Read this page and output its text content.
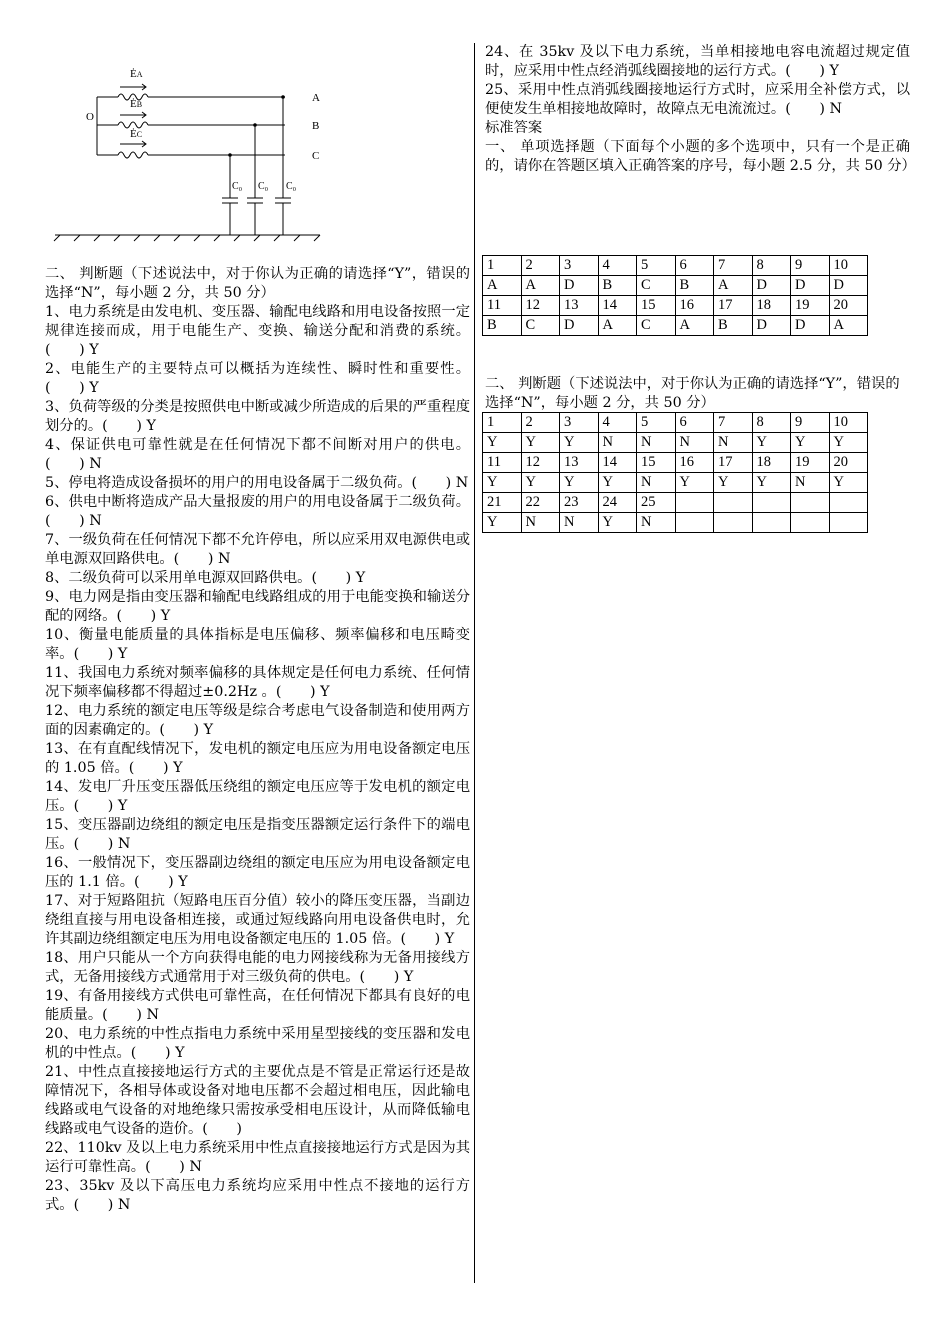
ĖA
ĖB
ĖC
O
A
B
C
C₀ C₀ C₀

二、 判断题（下述说法中，对于你认为正确的请选择“Y”，错误的选择“N”，每小题 2 分，共 50 分）

1、电力系统是由发电机、变压器、输配电线路和用电设备按照一定规律连接而成，用于电能生产、变换、输送分配和消费的系统。(　　) Y

2、电能生产的主要特点可以概括为连续性、瞬时性和重要性。(　　) Y

3、负荷等级的分类是按照供电中断或减少所造成的后果的严重程度划分的。(　　) Y

4、保证供电可靠性就是在任何情况下都不间断对用户的供电。(　　) N

5、停电将造成设备损坏的用户的用电设备属于二级负荷。(　　) N

6、供电中断将造成产品大量报废的用户的用电设备属于二级负荷。(　　) N

7、一级负荷在任何情况下都不允许停电，所以应采用双电源供电或单电源双回路供电。(　　) N

8、二级负荷可以采用单电源双回路供电。(　　) Y

9、电力网是指由变压器和输配电线路组成的用于电能变换和输送分配的网络。(　　) Y

10、衡量电能质量的具体指标是电压偏移、频率偏移和电压畸变率。(　　) Y

11、我国电力系统对频率偏移的具体规定是任何电力系统、任何情况下频率偏移都不得超过±0.2Hz 。(　　) Y

12、电力系统的额定电压等级是综合考虑电气设备制造和使用两方面的因素确定的。(　　) Y

13、在有直配线情况下，发电机的额定电压应为用电设备额定电压的 1.05 倍。(　　) Y

14、发电厂升压变压器低压绕组的额定电压应等于发电机的额定电压。(　　) Y

15、变压器副边绕组的额定电压是指变压器额定运行条件下的端电压。(　　) N

16、一般情况下，变压器副边绕组的额定电压应为用电设备额定电压的 1.1 倍。(　　) Y

17、对于短路阻抗（短路电压百分值）较小的降压变压器，当副边绕组直接与用电设备相连接，或通过短线路向用电设备供电时，允许其副边绕组额定电压为用电设备额定电压的 1.05 倍。(　　) Y

18、用户只能从一个方向获得电能的电力网接线称为无备用接线方式，无备用接线方式通常用于对三级负荷的供电。(　　) Y

19、有备用接线方式供电可靠性高，在任何情况下都具有良好的电能质量。(　　) N

20、电力系统的中性点指电力系统中采用星型接线的变压器和发电机的中性点。(　　) Y

21、中性点直接接地运行方式的主要优点是不管是正常运行还是故障情况下，各相导体或设备对地电压都不会超过相电压，因此输电线路或电气设备的对地绝缘只需按承受相电压设计，从而降低输电线路或电气设备的造价。(　　)

22、110kv 及以上电力系统采用中性点直接接地运行方式是因为其运行可靠性高。(　　) N

23、35kv 及以下高压电力系统均应采用中性点不接地的运行方式。(　　) N

24、在 35kv 及以下电力系统，当单相接地电容电流超过规定值时，应采用中性点经消弧线圈接地的运行方式。(　　) Y

25、采用中性点消弧线圈接地运行方式时，应采用全补偿方式，以便使发生单相接地故障时，故障点无电流流过。(　　) N

标准答案

一、 单项选择题（下面每个小题的多个选项中，只有一个是正确的，请你在答题区填入正确答案的序号，每小题 2.5 分，共 50 分）

1	2	3	4	5	6	7	8	9	10
A	A	D	B	C	B	A	D	D	D
11	12	13	14	15	16	17	18	19	20
B	C	D	A	C	A	B	D	D	A
二、 判断题（下述说法中，对于你认为正确的请选择“Y”，错误的选择“N”，每小题 2 分，共 50 分）
1	2	3	4	5	6	7	8	9	10
Y	Y	Y	N	N	N	N	Y	Y	Y
11	12	13	14	15	16	17	18	19	20
Y	Y	Y	Y	N	Y	Y	Y	N	Y
21	22	23	24	25					
Y	N	N	Y	N					
